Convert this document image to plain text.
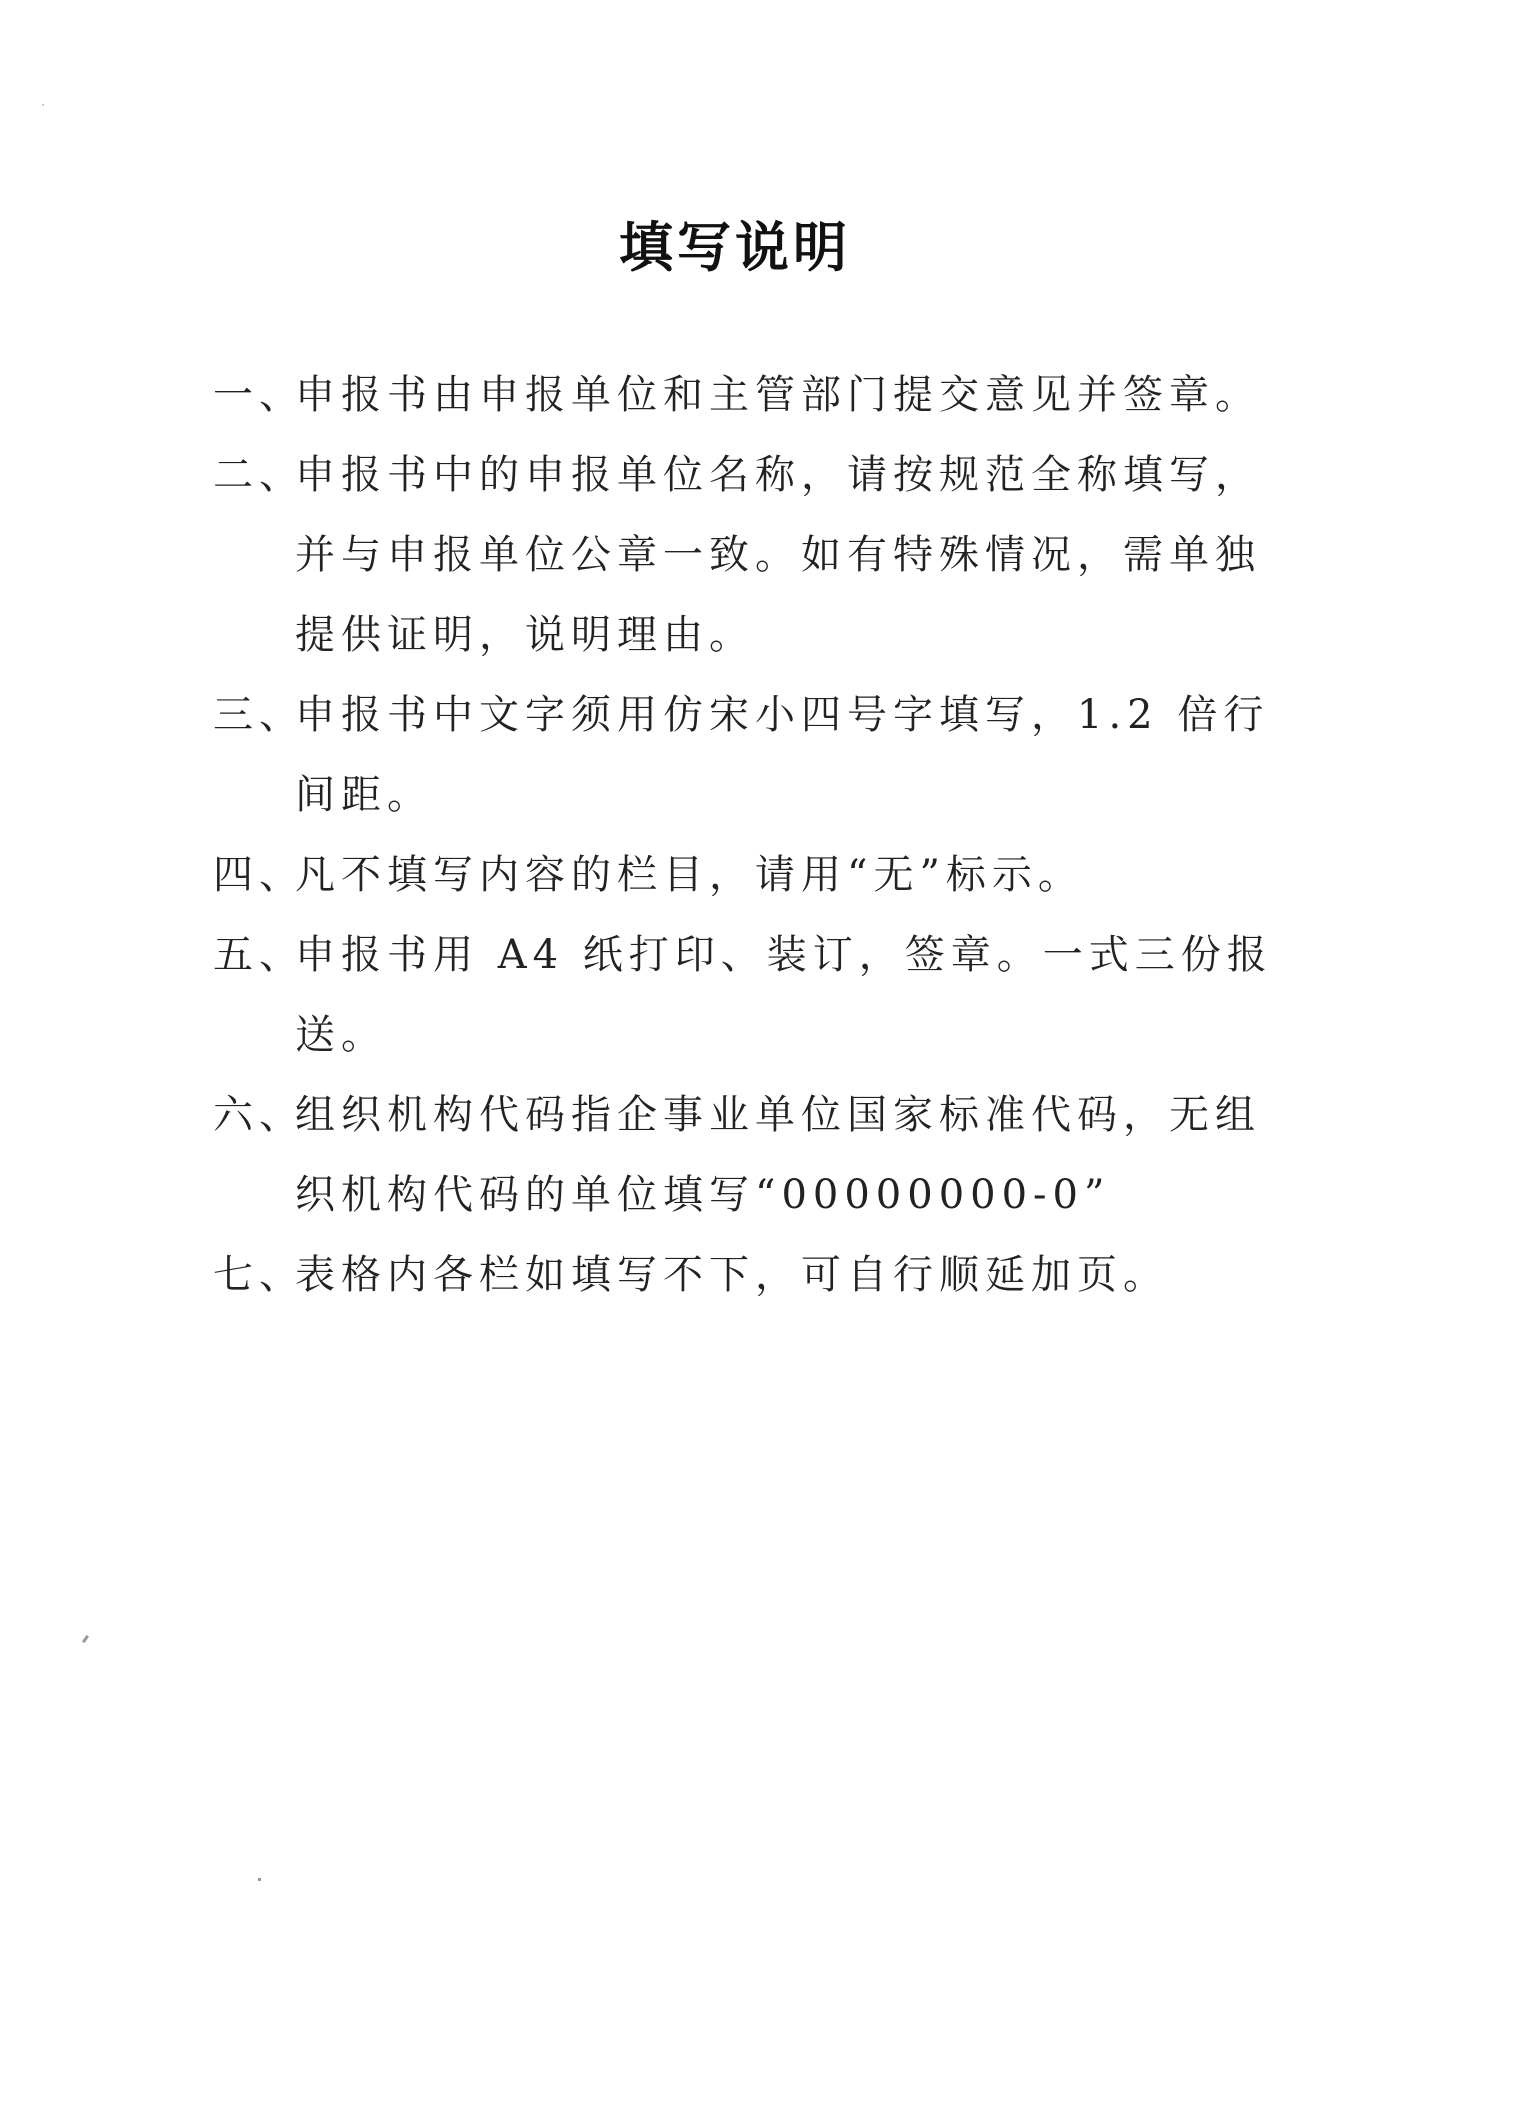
填写说明
一、
申报书由申报单位和主管部门提交意见并签章。
二、
申报书中的申报单位名称，请按规范全称填写，并与申报单位公章一致。如有特殊情况，需单独提供证明，说明理由。
三、
申报书中文字须用仿宋小四号字填写，1.2 倍行间距。
四、
凡不填写内容的栏目，请用“无”标示。
五、
申报书用 A4 纸打印、装订，签章。一式三份报送。
六、
组织机构代码指企事业单位国家标准代码，无组织机构代码的单位填写“00000000-0”
七、
表格内各栏如填写不下，可自行顺延加页。
